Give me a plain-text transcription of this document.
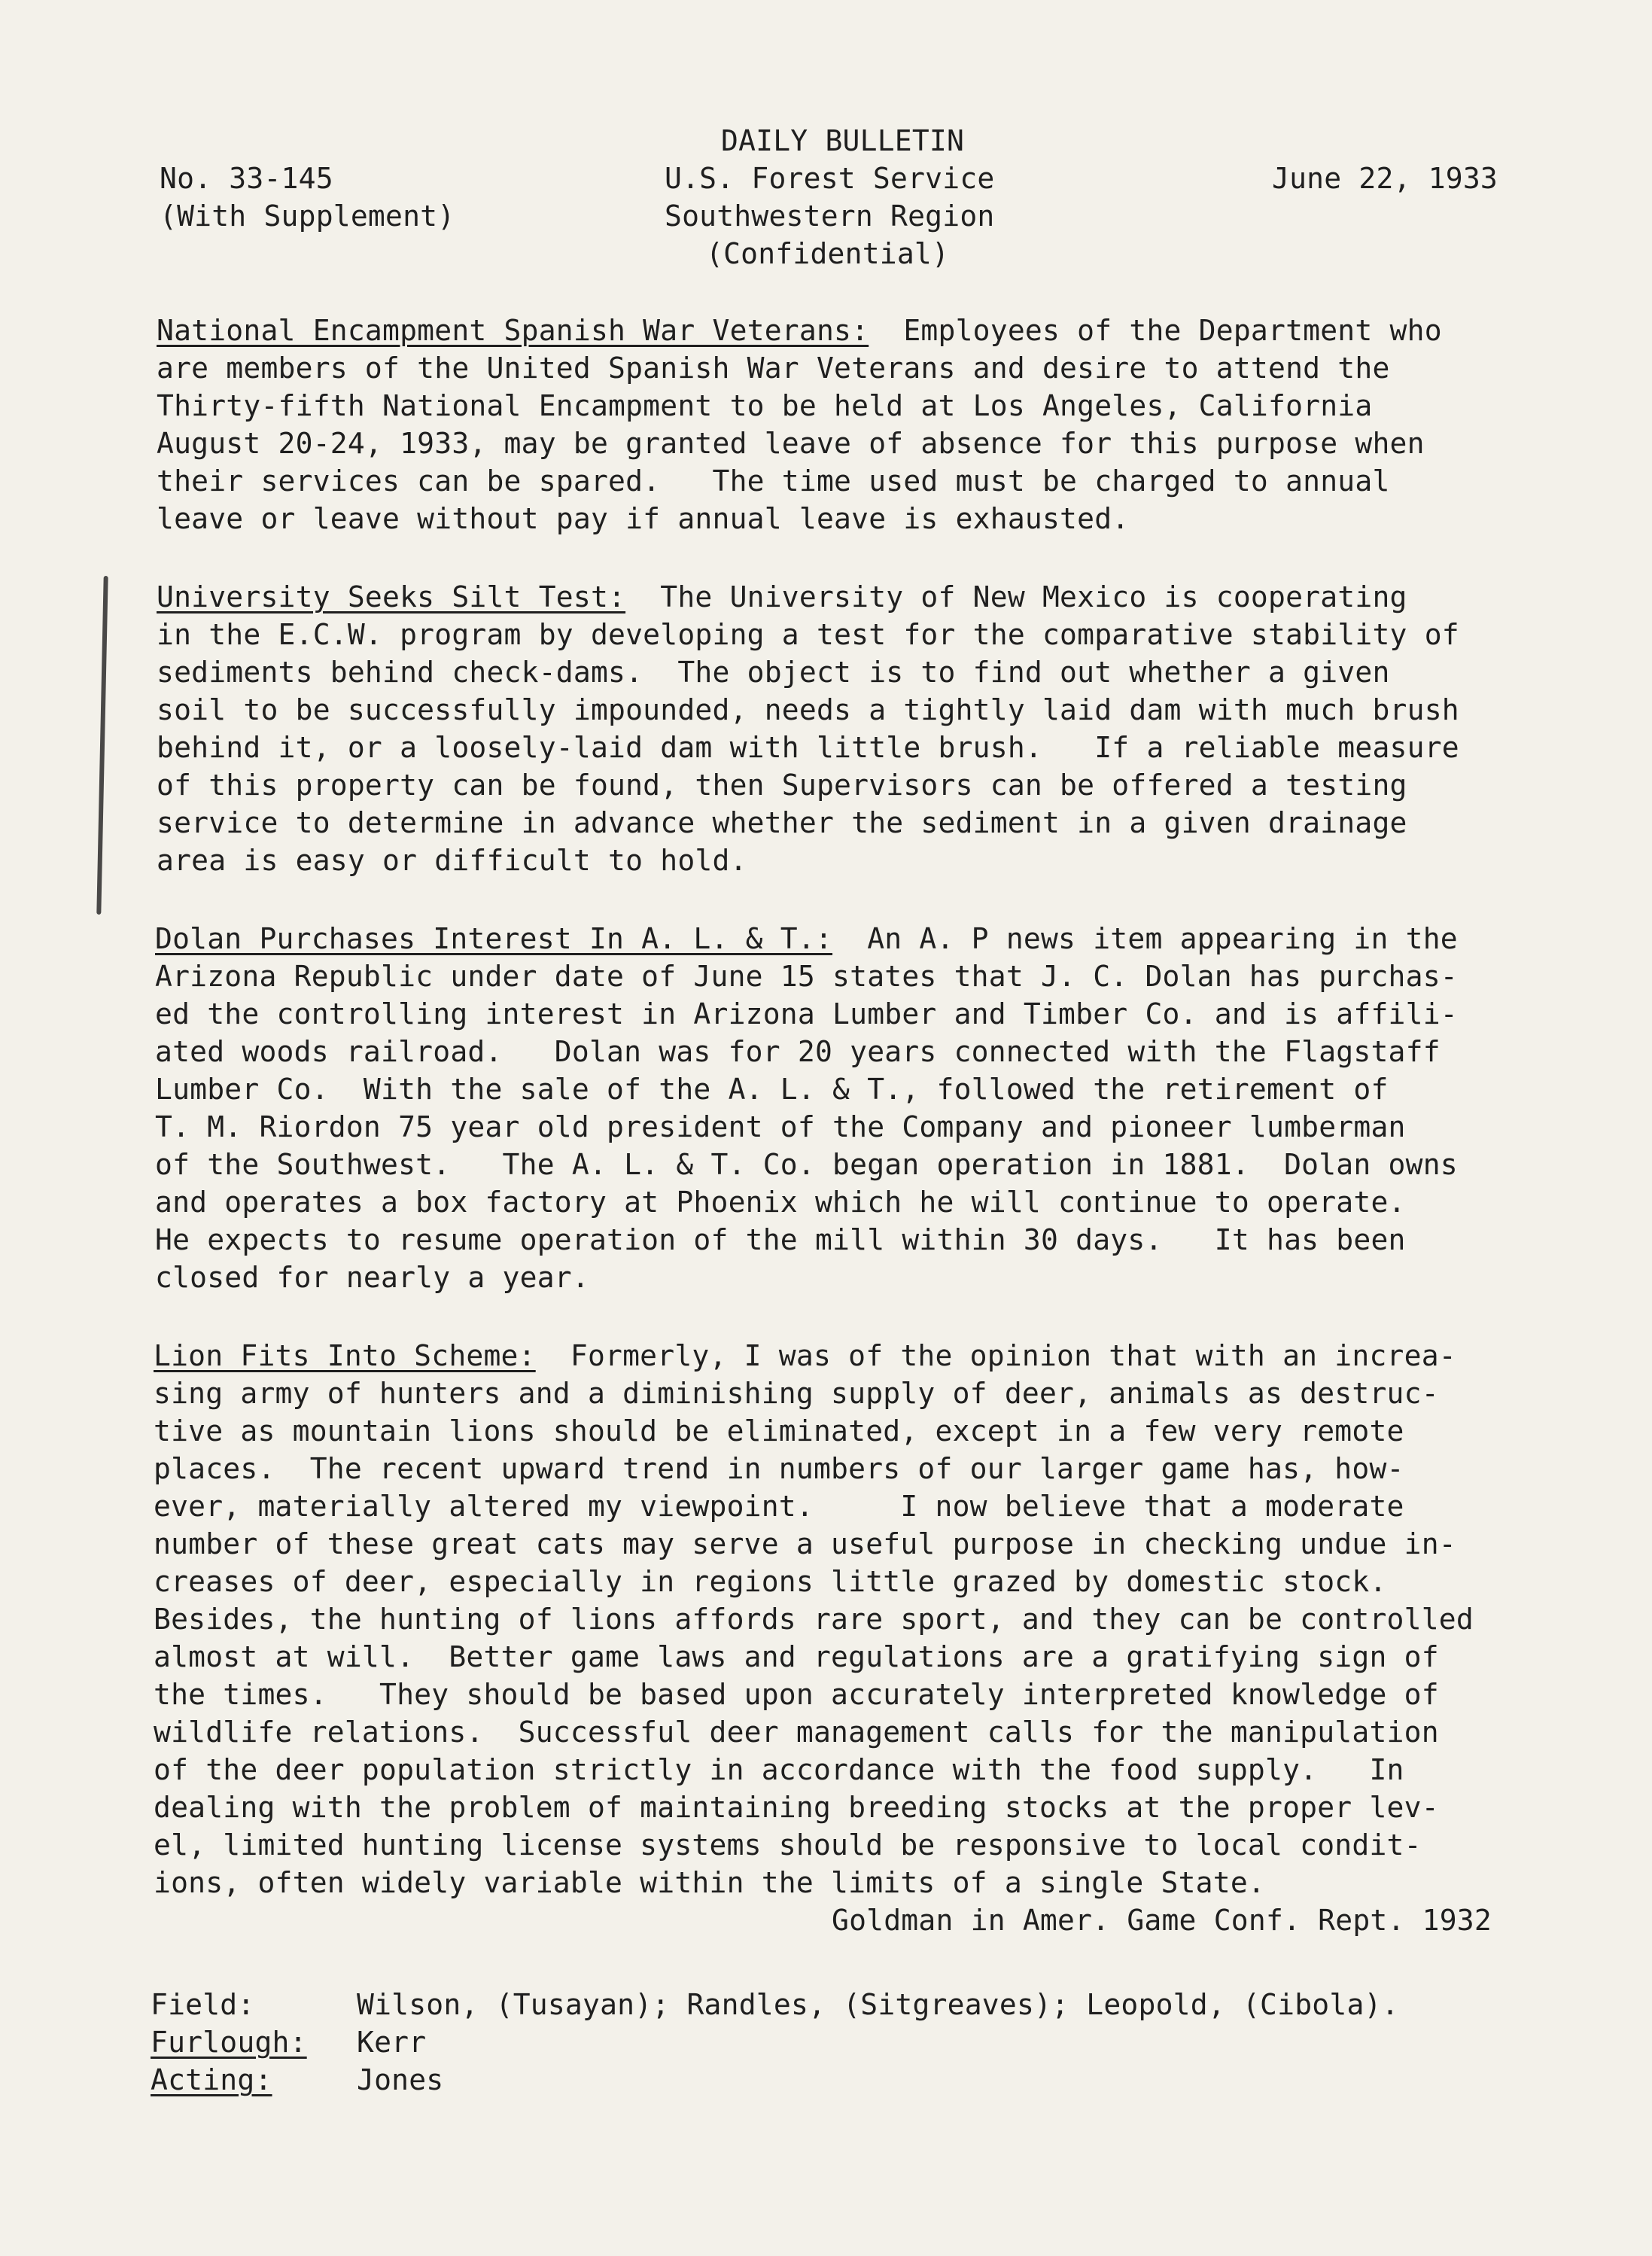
DAILY BULLETIN
No. 33-145	U.S. Forest Service	June 22, 1933
(With Supplement)	Southwestern Region
(Confidential)
National Encampment Spanish War Veterans:  Employees of the Department who
are members of the United Spanish War Veterans and desire to attend the
Thirty-fifth National Encampment to be held at Los Angeles, California
August 20-24, 1933, may be granted leave of absence for this purpose when
their services can be spared.   The time used must be charged to annual
leave or leave without pay if annual leave is exhausted.
University Seeks Silt Test:  The University of New Mexico is cooperating
in the E.C.W. program by developing a test for the comparative stability of
sediments behind check-dams.  The object is to find out whether a given
soil to be successfully impounded, needs a tightly laid dam with much brush
behind it, or a loosely-laid dam with little brush.   If a reliable measure
of this property can be found, then Supervisors can be offered a testing
service to determine in advance whether the sediment in a given drainage
area is easy or difficult to hold.
Dolan Purchases Interest In A. L. & T.:  An A. P news item appearing in the
Arizona Republic under date of June 15 states that J. C. Dolan has purchas-
ed the controlling interest in Arizona Lumber and Timber Co. and is affili-
ated woods railroad.   Dolan was for 20 years connected with the Flagstaff
Lumber Co.  With the sale of the A. L. & T., followed the retirement of
T. M. Riordon 75 year old president of the Company and pioneer lumberman
of the Southwest.   The A. L. & T. Co. began operation in 1881.  Dolan owns
and operates a box factory at Phoenix which he will continue to operate.
He expects to resume operation of the mill within 30 days.   It has been
closed for nearly a year.
Lion Fits Into Scheme:  Formerly, I was of the opinion that with an increa-
sing army of hunters and a diminishing supply of deer, animals as destruc-
tive as mountain lions should be eliminated, except in a few very remote
places.  The recent upward trend in numbers of our larger game has, how-
ever, materially altered my viewpoint.     I now believe that a moderate
number of these great cats may serve a useful purpose in checking undue in-
creases of deer, especially in regions little grazed by domestic stock.
Besides, the hunting of lions affords rare sport, and they can be controlled
almost at will.  Better game laws and regulations are a gratifying sign of
the times.   They should be based upon accurately interpreted knowledge of
wildlife relations.  Successful deer management calls for the manipulation
of the deer population strictly in accordance with the food supply.   In
dealing with the problem of maintaining breeding stocks at the proper lev-
el, limited hunting license systems should be responsive to local condit-
ions, often widely variable within the limits of a single State.
Goldman in Amer. Game Conf. Rept. 1932
Field:	Wilson, (Tusayan); Randles, (Sitgreaves); Leopold, (Cibola).
Furlough: Kerr
Acting:	Jones
